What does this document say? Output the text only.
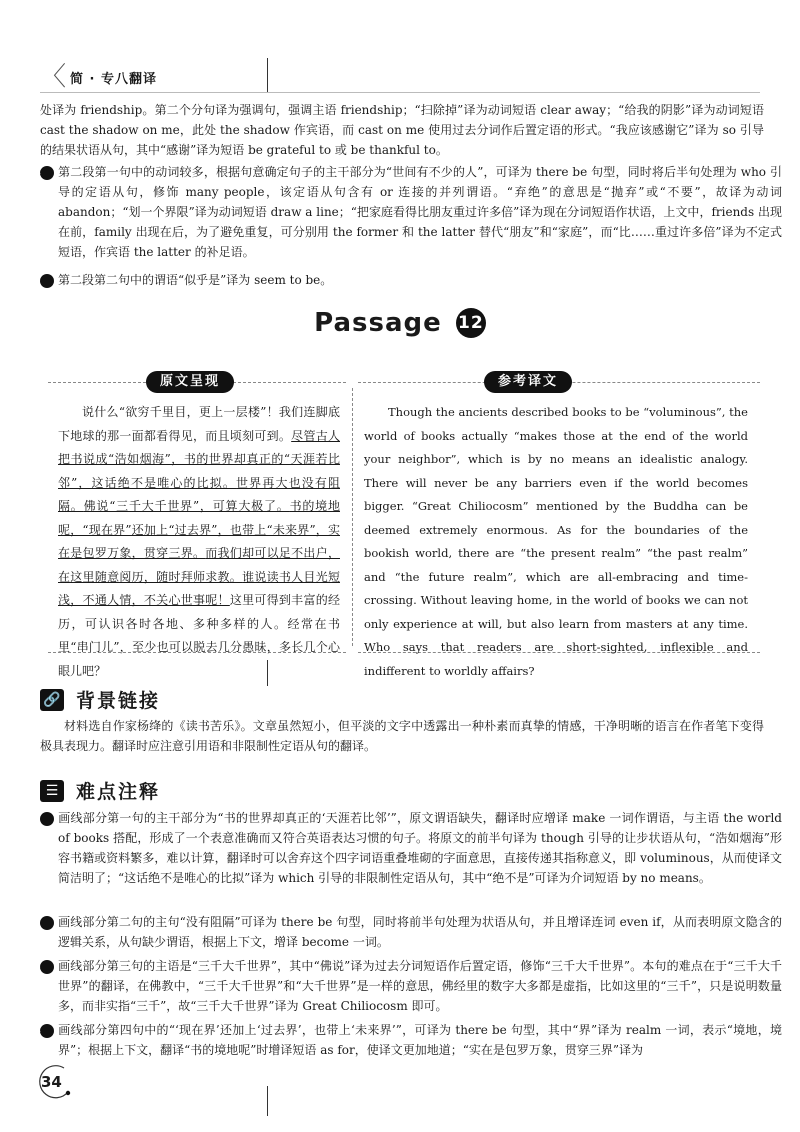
〈 简 · 专八翻译

处译为 friendship。第二个分句译为强调句，强调主语 friendship；“扫除掉”译为动词短语 clear away；“给我的阴影”译为动词短语 cast the shadow on me，此处 the shadow 作宾语，而 cast on me 使用过去分词作后置定语的形式。“我应该感谢它”译为 so 引导的结果状语从句，其中“感谢”译为短语 be grateful to 或 be thankful to。

4 第二段第一句中的动词较多，根据句意确定句子的主干部分为“世间有不少的人”，可译为 there be 句型，同时将后半句处理为 who 引导的定语从句，修饰 many people，该定语从句含有 or 连接的并列谓语。“弃绝”的意思是“抛弃”或“不要”，故译为动词 abandon；“划一个界限”译为动词短语 draw a line；“把家庭看得比朋友重过许多倍”译为现在分词短语作状语，上文中，friends 出现在前，family 出现在后，为了避免重复，可分别用 the former 和 the latter 替代“朋友”和“家庭”，而“比……重过许多倍”译为不定式短语，作宾语 the latter 的补足语。

5 第二段第二句中的谓语“似乎是”译为 seem to be。

Passage 12
原文呈现	参考译文

说什么“欲穷千里目，更上一层楼”！我们连脚底下地球的那一面都看得见，而且顷刻可到。尽管古人把书说成“浩如烟海”，书的世界却真正的“天涯若比邻”，这话绝不是唯心的比拟。世界再大也没有阻隔。佛说“三千大千世界”，可算大极了。书的境地呢，“现在界”还加上“过去界”，也带上“未来界”，实在是包罗万象，贯穿三界。而我们却可以足不出户，在这里随意阅历，随时拜师求教。谁说读书人目光短浅，不通人情，不关心世事呢！这里可得到丰富的经历，可认识各时各地、多种多样的人。经常在书里“串门儿”，至少也可以脱去几分愚昧，多长几个心眼儿吧？

Though the ancients described books to be “voluminous”, the world of books actually “makes those at the end of the world your neighbor”, which is by no means an idealistic analogy. There will never be any barriers even if the world becomes bigger. “Great Chiliocosm” mentioned by the Buddha can be deemed extremely enormous. As for the boundaries of the bookish world, there are “the present realm” “the past realm” and “the future realm”, which are all-embracing and time-crossing. Without leaving home, in the world of books we can not only experience at will, but also learn from masters at any time. Who says that readers are short-sighted, inflexible and indifferent to worldly affairs?

🔗 背景链接

材料选自作家杨绛的《读书苦乐》。文章虽然短小，但平淡的文字中透露出一种朴素而真挚的情感，干净明晰的语言在作者笔下变得极具表现力。翻译时应注意引用语和非限制性定语从句的翻译。

☰ 难点注释

1 画线部分第一句的主干部分为“书的世界却真正的‘天涯若比邻’”，原文谓语缺失，翻译时应增译 make 一词作谓语，与主语 the world of books 搭配，形成了一个表意准确而又符合英语表达习惯的句子。将原文的前半句译为 though 引导的让步状语从句，“浩如烟海”形容书籍或资料繁多，难以计算，翻译时可以舍弃这个四字词语重叠堆砌的字面意思，直接传递其指称意义，即 voluminous，从而使译文简洁明了；“这话绝不是唯心的比拟”译为 which 引导的非限制性定语从句，其中“绝不是”可译为介词短语 by no means。

2 画线部分第二句的主句“没有阻隔”可译为 there be 句型，同时将前半句处理为状语从句，并且增译连词 even if，从而表明原文隐含的逻辑关系，从句缺少谓语，根据上下文，增译 become 一词。

3 画线部分第三句的主语是“三千大千世界”，其中“佛说”译为过去分词短语作后置定语，修饰“三千大千世界”。本句的难点在于“三千大千世界”的翻译，在佛教中，“三千大千世界”和“大千世界”是一样的意思，佛经里的数字大多都是虚指，比如这里的“三千”，只是说明数量多，而非实指“三千”，故“三千大千世界”译为 Great Chiliocosm 即可。

4 画线部分第四句中的“‘现在界’还加上‘过去界’，也带上‘未来界’”，可译为 there be 句型，其中“界”译为 realm 一词，表示“境地，境界”；根据上下文，翻译“书的境地呢”时增译短语 as for，使译文更加地道；“实在是包罗万象，贯穿三界”译为

34
